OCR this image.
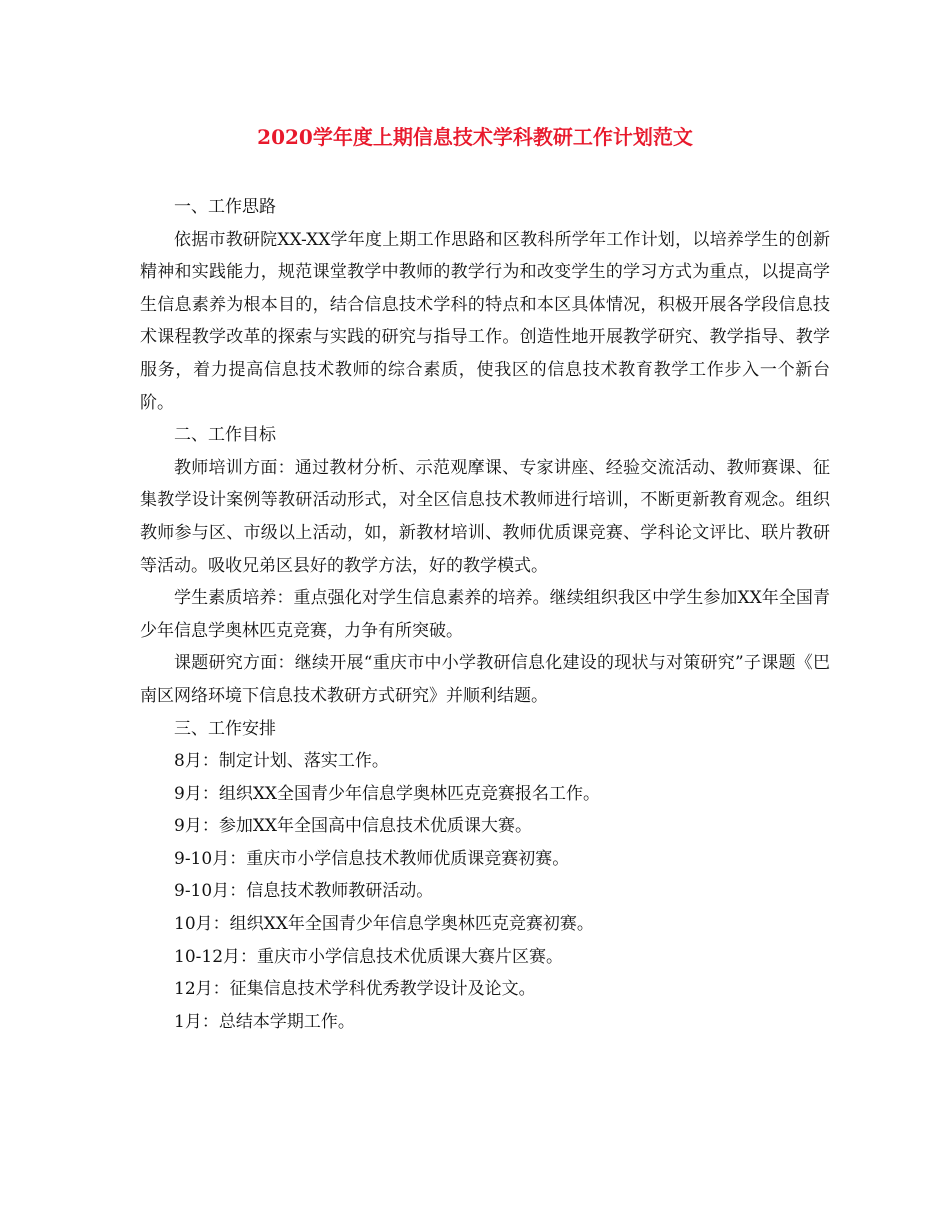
2020学年度上期信息技术学科教研工作计划范文

一、工作思路

依据市教研院XX-XX学年度上期工作思路和区教科所学年工作计划，以培养学生的创新精神和实践能力，规范课堂教学中教师的教学行为和改变学生的学习方式为重点，以提高学生信息素养为根本目的，结合信息技术学科的特点和本区具体情况，积极开展各学段信息技术课程教学改革的探索与实践的研究与指导工作。创造性地开展教学研究、教学指导、教学服务，着力提高信息技术教师的综合素质，使我区的信息技术教育教学工作步入一个新台阶。

二、工作目标

教师培训方面：通过教材分析、示范观摩课、专家讲座、经验交流活动、教师赛课、征集教学设计案例等教研活动形式，对全区信息技术教师进行培训，不断更新教育观念。组织教师参与区、市级以上活动，如，新教材培训、教师优质课竞赛、学科论文评比、联片教研等活动。吸收兄弟区县好的教学方法，好的教学模式。

学生素质培养：重点强化对学生信息素养的培养。继续组织我区中学生参加XX年全国青少年信息学奥林匹克竞赛，力争有所突破。

课题研究方面：继续开展“重庆市中小学教研信息化建设的现状与对策研究”子课题《巴南区网络环境下信息技术教研方式研究》并顺利结题。

三、工作安排

8月：制定计划、落实工作。

9月：组织XX全国青少年信息学奥林匹克竞赛报名工作。

9月：参加XX年全国高中信息技术优质课大赛。

9-10月：重庆市小学信息技术教师优质课竞赛初赛。

9-10月：信息技术教师教研活动。

10月：组织XX年全国青少年信息学奥林匹克竞赛初赛。

10-12月：重庆市小学信息技术优质课大赛片区赛。

12月：征集信息技术学科优秀教学设计及论文。

1月：总结本学期工作。
